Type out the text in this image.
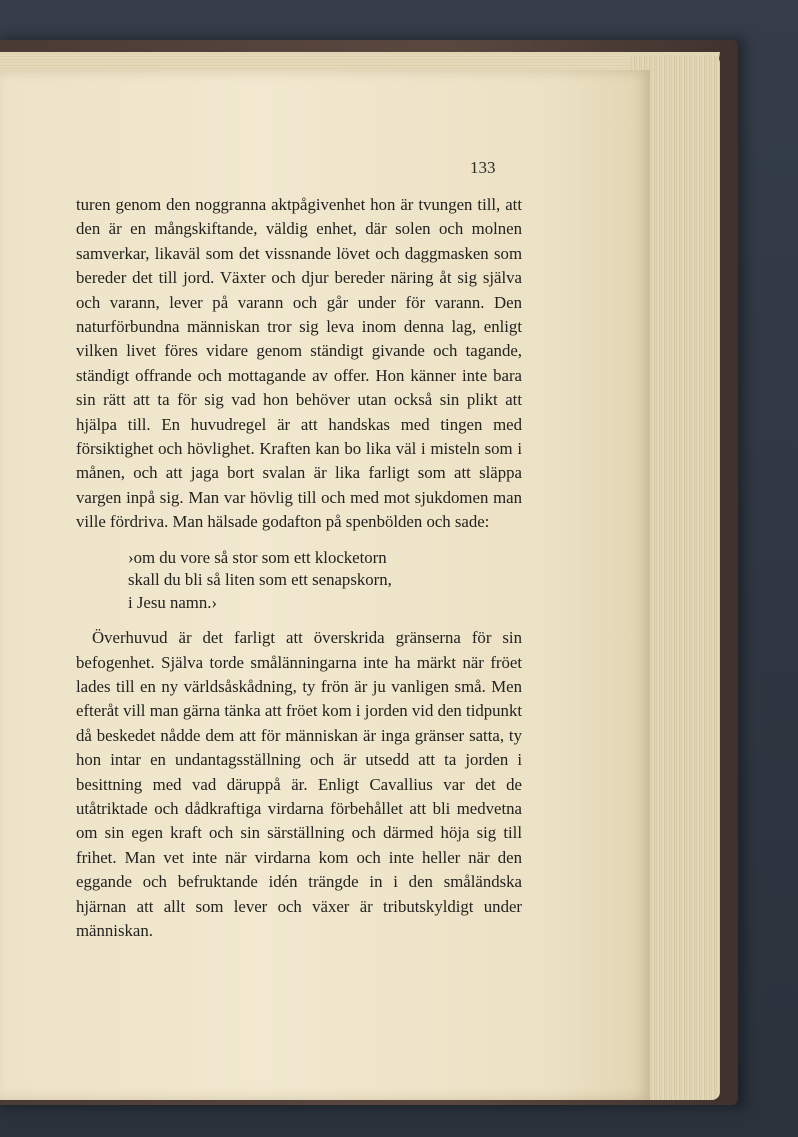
133

turen genom den noggranna aktpågivenhet hon är tvungen till, att den är en mångskiftande, väldig enhet, där solen och molnen samverkar, likaväl som det vissnande lövet och daggmasken som bereder det till jord. Växter och djur bereder näring åt sig själva och varann, lever på varann och går under för varann. Den naturförbundna människan tror sig leva inom denna lag, enligt vilken livet föres vidare genom ständigt givande och tagande, ständigt offrande och mottagande av offer. Hon känner inte bara sin rätt att ta för sig vad hon behöver utan också sin plikt att hjälpa till. En huvudregel är att handskas med tingen med försiktighet och hövlighet. Kraften kan bo lika väl i misteln som i månen, och att jaga bort svalan är lika farligt som att släppa vargen inpå sig. Man var hövlig till och med mot sjukdomen man ville fördriva. Man hälsade godafton på spenbölden och sade:

›om du vore så stor som ett klocketorn
skall du bli så liten som ett senapskorn,
i Jesu namn.›

Överhuvud är det farligt att överskrida gränserna för sin befogenhet. Själva torde smålänningarna inte ha märkt när fröet lades till en ny världsåskådning, ty frön är ju vanligen små. Men efteråt vill man gärna tänka att fröet kom i jorden vid den tidpunkt då beskedet nådde dem att för människan är inga gränser satta, ty hon intar en undantagsställning och är utsedd att ta jorden i besittning med vad däruppå är. Enligt Cavallius var det de utåtriktade och dådkraftiga virdarna förbehållet att bli medvetna om sin egen kraft och sin särställning och därmed höja sig till frihet. Man vet inte när virdarna kom och inte heller när den eggande och befruktande idén trängde in i den småländska hjärnan att allt som lever och växer är tributskyldigt under människan.
